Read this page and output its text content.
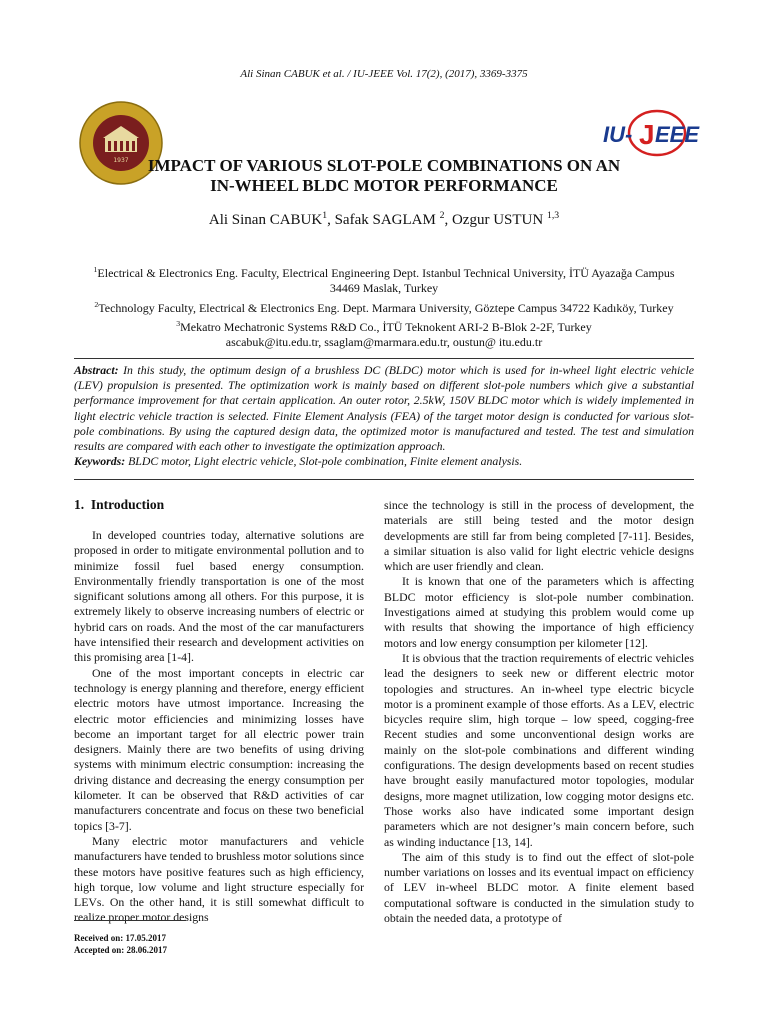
Ali Sinan CABUK et al. / IU-JEEE Vol. 17(2), (2017), 3369-3375
1937
IU- J EEE
IMPACT OF VARIOUS SLOT-POLE COMBINATIONS ON AN
IN-WHEEL BLDC MOTOR PERFORMANCE
Ali Sinan CABUK$^1$, Safak SAGLAM $^2$, Ozgur USTUN $^{1,3}$
$^1$Electrical & Electronics Eng. Faculty, Electrical Engineering Dept. Istanbul Technical University, İTÜ Ayazağa Campus 34469 Maslak, Turkey
$^2$Technology Faculty, Electrical & Electronics Eng. Dept. Marmara University, Göztepe Campus 34722 Kadıköy, Turkey
$^3$Mekatro Mechatronic Systems R&D Co., İTÜ Teknokent ARI-2 B-Blok 2-2F, Turkey
ascabuk@itu.edu.tr, ssaglam@marmara.edu.tr, oustun@ itu.edu.tr
Abstract: In this study, the optimum design of a brushless DC (BLDC) motor which is used for in-wheel light electric vehicle (LEV) propulsion is presented. The optimization work is mainly based on different slot-pole numbers which give a substantial performance improvement for that certain application. An outer rotor, 2.5kW, 150V BLDC motor which is widely implemented in light electric vehicle traction is selected. Finite Element Analysis (FEA) of the target motor design is conducted for various slot-pole combinations. By using the captured design data, the optimized motor is manufactured and tested. The test and simulation results are compared with each other to investigate the optimization approach.
Keywords: BLDC motor, Light electric vehicle, Slot-pole combination, Finite element analysis.
1. Introduction

In developed countries today, alternative solutions are proposed in order to mitigate environmental pollution and to minimize fossil fuel based energy consumption. Environmentally friendly transportation is one of the most significant solutions among all others. For this purpose, it is extremely likely to observe increasing numbers of electric or hybrid cars on roads. And the most of the car manufacturers have intensified their research and development activities on this promising area [1-4].

One of the most important concepts in electric car technology is energy planning and therefore, energy efficient electric motors have utmost importance. Increasing the electric motor efficiencies and minimizing losses have become an important target for all electric power train designers. Mainly there are two benefits of using driving systems with minimum electric consumption: increasing the driving distance and decreasing the energy consumption per kilometer. It can be observed that R&D activities of car manufacturers concentrate and focus on these two beneficial topics [3-7].

Many electric motor manufacturers and vehicle manufacturers have tended to brushless motor solutions since these motors have positive features such as high efficiency, high torque, low volume and light structure especially for LEVs. On the other hand, it is still somewhat difficult to realize proper motor designs

since the technology is still in the process of development, the materials are still being tested and the motor design developments are still far from being completed [7-11]. Besides, a similar situation is also valid for light electric vehicle designs which are user friendly and clean.

It is known that one of the parameters which is affecting BLDC motor efficiency is slot-pole number combination. Investigations aimed at studying this problem would come up with results that showing the importance of high efficiency motors and low energy consumption per kilometer [12].

It is obvious that the traction requirements of electric vehicles lead the designers to seek new or different electric motor topologies and structures. An in-wheel type electric bicycle motor is a prominent example of those efforts. As a LEV, electric bicycles require slim, high torque – low speed, cogging-free Recent studies and some unconventional design works are mainly on the slot-pole combinations and different winding configurations. The design developments based on recent studies have brought easily manufactured motor topologies, modular designs, more magnet utilization, low cogging motor designs etc. Those works also have indicated some important design parameters which are not designer’s main concern before, such as winding inductance [13, 14].

The aim of this study is to find out the effect of slot-pole number variations on losses and its eventual impact on efficiency of LEV in-wheel BLDC motor. A finite element based computational software is conducted in the simulation study to obtain the needed data, a prototype of

Received on: 17.05.2017
Accepted on: 28.06.2017
